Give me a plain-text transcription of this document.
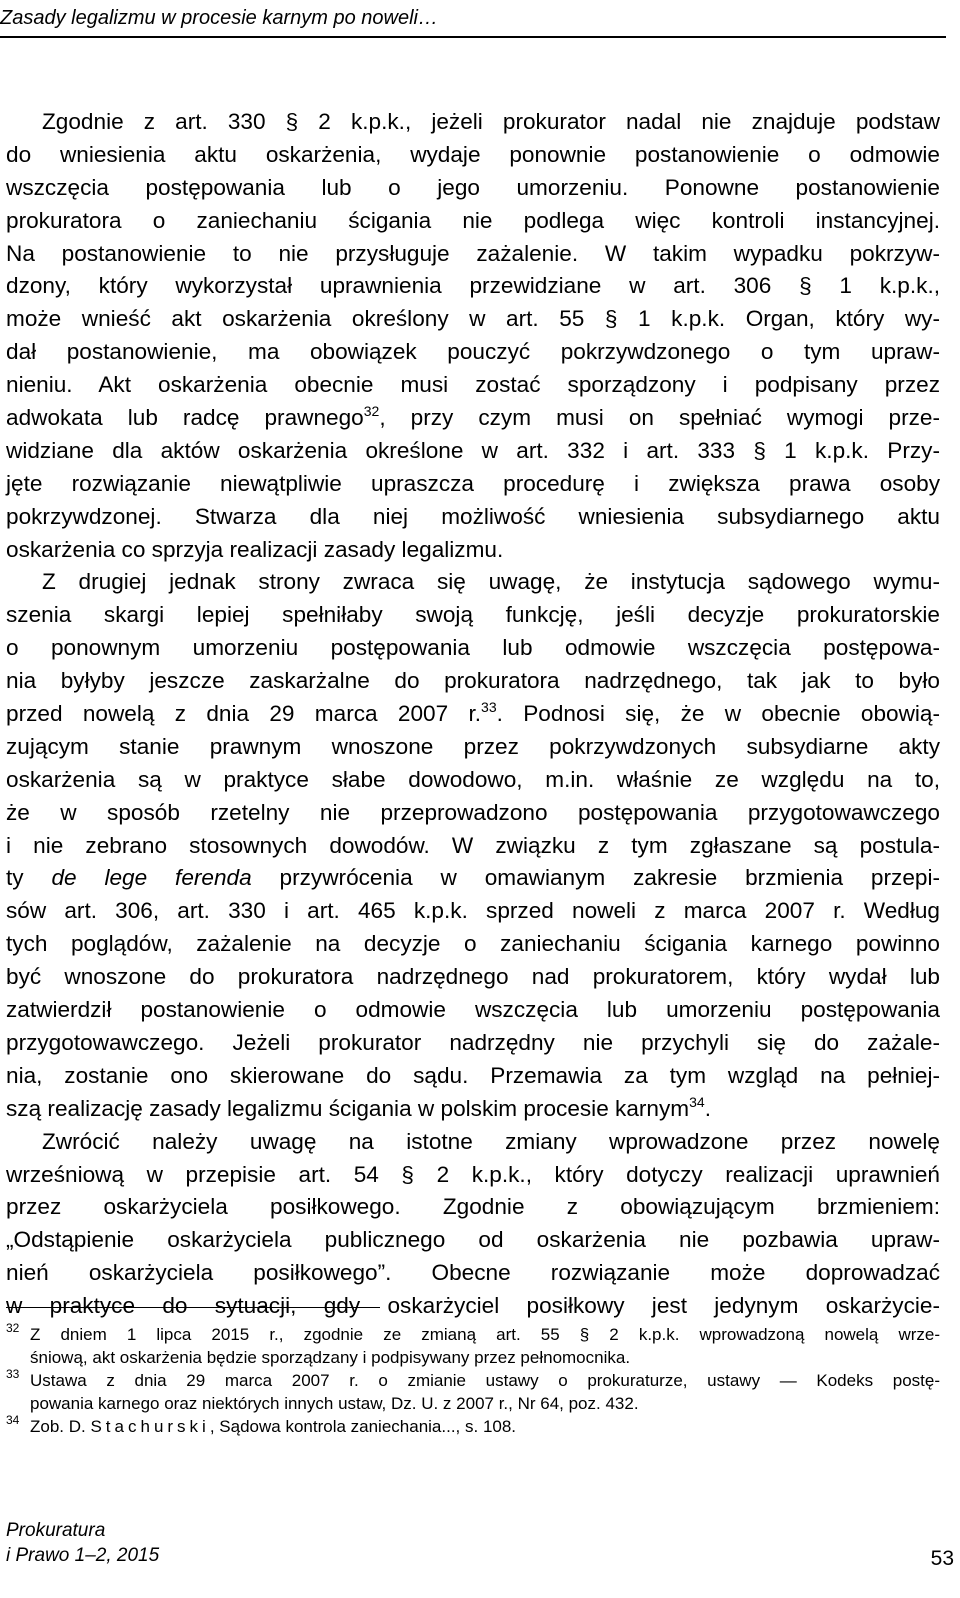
Zasady legalizmu w procesie karnym po noweli…
Zgodnie z art. 330 § 2 k.p.k., jeżeli prokurator nadal nie znajduje podstaw
do wniesienia aktu oskarżenia, wydaje ponownie postanowienie o odmowie
wszczęcia postępowania lub o jego umorzeniu. Ponowne postanowienie
prokuratora o zaniechaniu ścigania nie podlega więc kontroli instancyjnej.
Na postanowienie to nie przysługuje zażalenie. W takim wypadku pokrzyw-
dzony, który wykorzystał uprawnienia przewidziane w art. 306 § 1 k.p.k.,
może wnieść akt oskarżenia określony w art. 55 § 1 k.p.k. Organ, który wy-
dał postanowienie, ma obowiązek pouczyć pokrzywdzonego o tym upraw-
nieniu. Akt oskarżenia obecnie musi zostać sporządzony i podpisany przez
adwokata lub radcę prawnego$^{32}$, przy czym musi on spełniać wymogi prze-
widziane dla aktów oskarżenia określone w art. 332 i art. 333 § 1 k.p.k. Przy-
jęte rozwiązanie niewątpliwie upraszcza procedurę i zwiększa prawa osoby
pokrzywdzonej. Stwarza dla niej możliwość wniesienia subsydiarnego aktu
oskarżenia co sprzyja realizacji zasady legalizmu.
Z drugiej jednak strony zwraca się uwagę, że instytucja sądowego wymu-
szenia skargi lepiej spełniłaby swoją funkcję, jeśli decyzje prokuratorskie
o ponownym umorzeniu postępowania lub odmowie wszczęcia postępowa-
nia byłyby jeszcze zaskarżalne do prokuratora nadrzędnego, tak jak to było
przed nowelą z dnia 29 marca 2007 r.$^{33}$. Podnosi się, że w obecnie obowią-
zującym stanie prawnym wnoszone przez pokrzywdzonych subsydiarne akty
oskarżenia są w praktyce słabe dowodowo, m.in. właśnie ze względu na to,
że w sposób rzetelny nie przeprowadzono postępowania przygotowawczego
i nie zebrano stosownych dowodów. W związku z tym zgłaszane są postula-
ty de lege ferenda przywrócenia w omawianym zakresie brzmienia przepi-
sów art. 306, art. 330 i art. 465 k.p.k. sprzed noweli z marca 2007 r. Według
tych poglądów, zażalenie na decyzje o zaniechaniu ścigania karnego powinno
być wnoszone do prokuratora nadrzędnego nad prokuratorem, który wydał lub
zatwierdził postanowienie o odmowie wszczęcia lub umorzeniu postępowania
przygotowawczego. Jeżeli prokurator nadrzędny nie przychyli się do zażale-
nia, zostanie ono skierowane do sądu. Przemawia za tym wzgląd na pełniej-
szą realizację zasady legalizmu ścigania w polskim procesie karnym$^{34}$.
Zwrócić należy uwagę na istotne zmiany wprowadzone przez nowelę
wrześniową w przepisie art. 54 § 2 k.p.k., który dotyczy realizacji uprawnień
przez oskarżyciela posiłkowego. Zgodnie z obowiązującym brzmieniem:
„Odstąpienie oskarżyciela publicznego od oskarżenia nie pozbawia upraw-
nień oskarżyciela posiłkowego”. Obecne rozwiązanie może doprowadzać
w praktyce do sytuacji, gdy oskarżyciel posiłkowy jest jedynym oskarżycie-
32 Z dniem 1 lipca 2015 r., zgodnie ze zmianą art. 55 § 2 k.p.k. wprowadzoną nowelą wrze-
śniową, akt oskarżenia będzie sporządzany i podpisywany przez pełnomocnika.
33 Ustawa z dnia 29 marca 2007 r. o zmianie ustawy o prokuraturze, ustawy — Kodeks postę-
powania karnego oraz niektórych innych ustaw, Dz. U. z 2007 r., Nr 64, poz. 432.
34 Zob. D. Stachurski, Sądowa kontrola zaniechania..., s. 108.
Prokuratura
i Prawo 1–2, 2015	53
